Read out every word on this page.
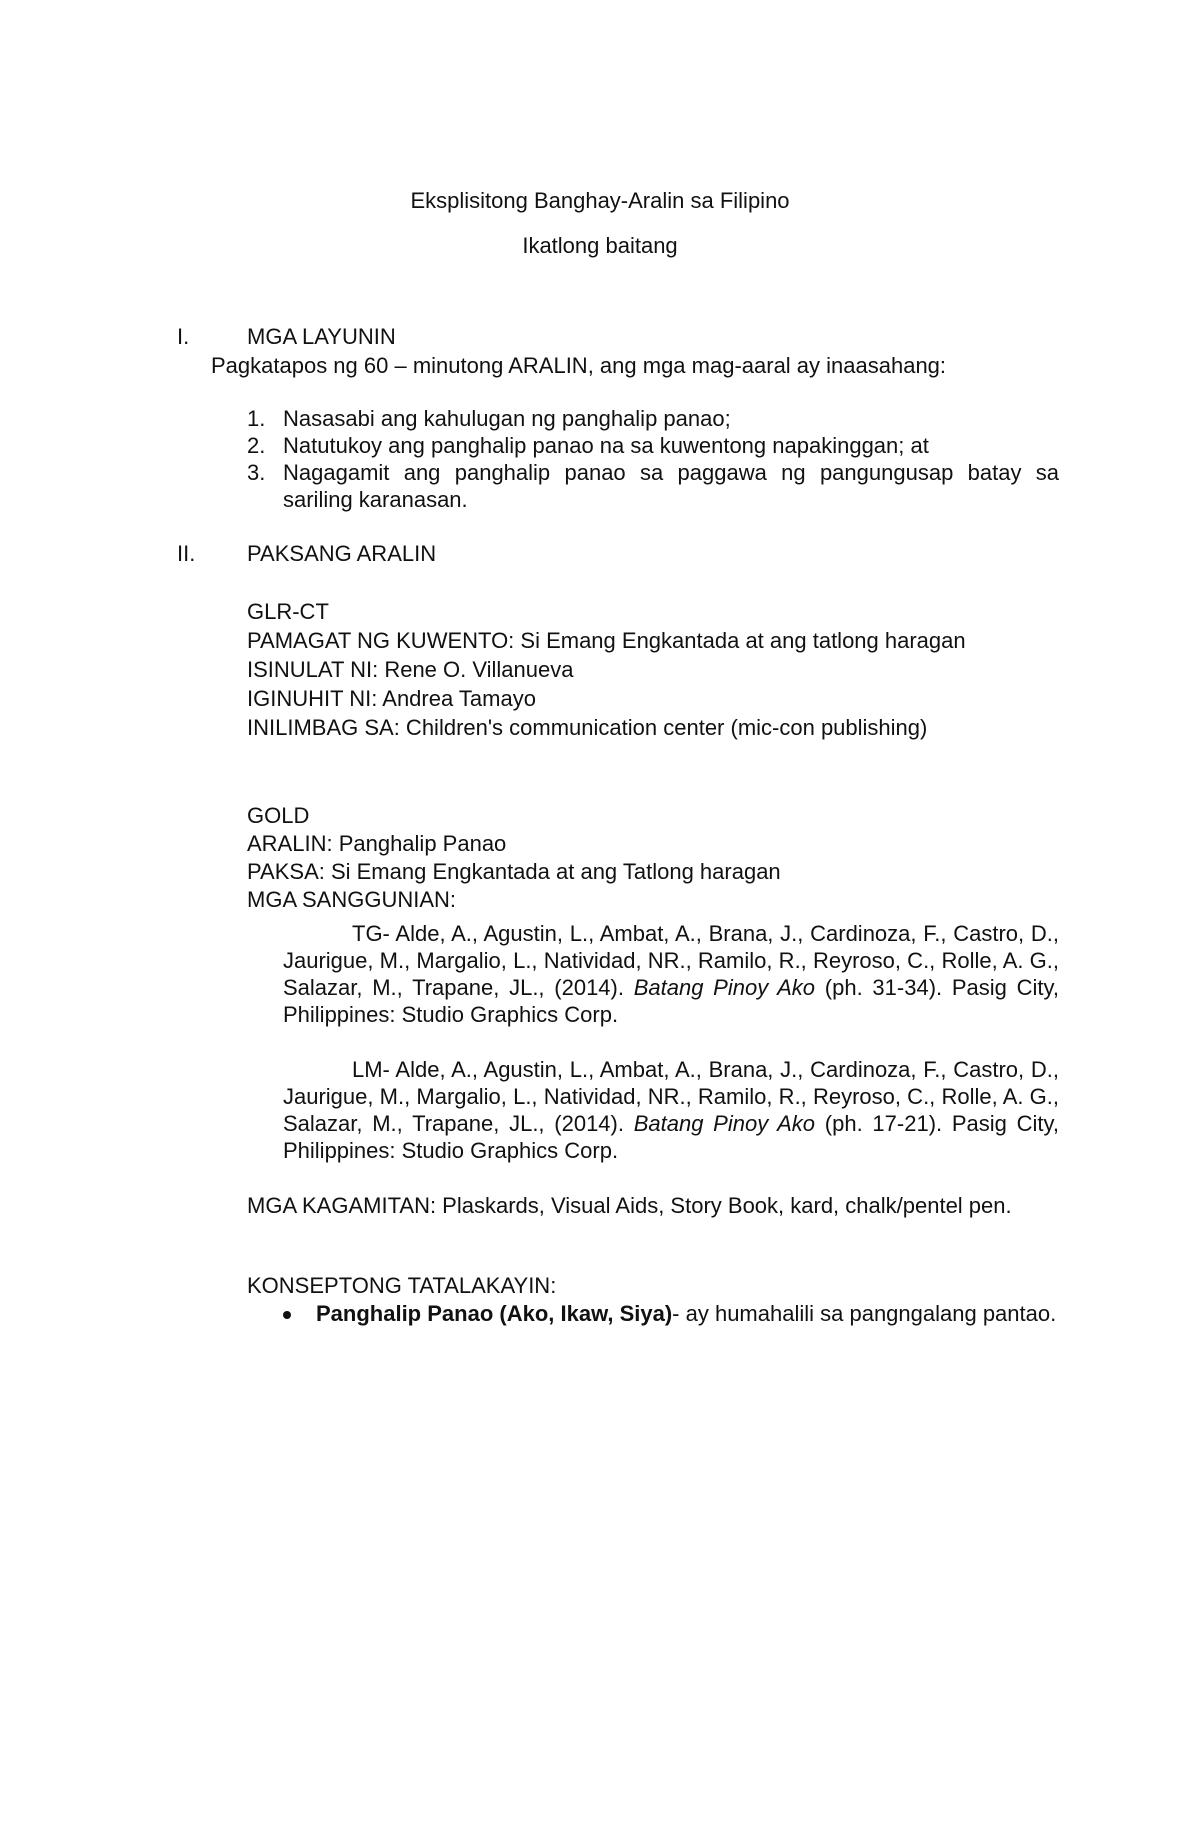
Eksplisitong Banghay-Aralin sa Filipino
Ikatlong baitang
I.	MGA LAYUNIN
Pagkatapos ng 60 – minutong ARALIN, ang mga mag-aaral ay inaasahang:
1. Nasasabi ang kahulugan ng panghalip panao;
2. Natutukoy ang panghalip panao na sa kuwentong napakinggan; at
3. Nagagamit ang panghalip panao sa paggawa ng pangungusap batay sa sariling karanasan.
II. PAKSANG ARALIN
GLR-CT
PAMAGAT NG KUWENTO: Si Emang Engkantada at ang tatlong haragan
ISINULAT NI: Rene O. Villanueva
IGINUHIT NI: Andrea Tamayo
INILIMBAG SA: Children's communication center (mic-con publishing)
GOLD
ARALIN: Panghalip Panao
PAKSA: Si Emang Engkantada at ang Tatlong haragan
MGA SANGGUNIAN:
TG- Alde, A., Agustin, L., Ambat, A., Brana, J., Cardinoza, F., Castro, D., Jaurigue, M., Margalio, L., Natividad, NR., Ramilo, R., Reyroso, C., Rolle, A. G., Salazar, M., Trapane, JL., (2014). Batang Pinoy Ako (ph. 31-34). Pasig City, Philippines: Studio Graphics Corp.
LM- Alde, A., Agustin, L., Ambat, A., Brana, J., Cardinoza, F., Castro, D., Jaurigue, M., Margalio, L., Natividad, NR., Ramilo, R., Reyroso, C., Rolle, A. G., Salazar, M., Trapane, JL., (2014). Batang Pinoy Ako (ph. 17-21). Pasig City, Philippines: Studio Graphics Corp.
MGA KAGAMITAN: Plaskards, Visual Aids, Story Book, kard, chalk/pentel pen.
KONSEPTONG TATALAKAYIN:
Panghalip Panao (Ako, Ikaw, Siya)- ay humahalili sa pangngalang pantao.
